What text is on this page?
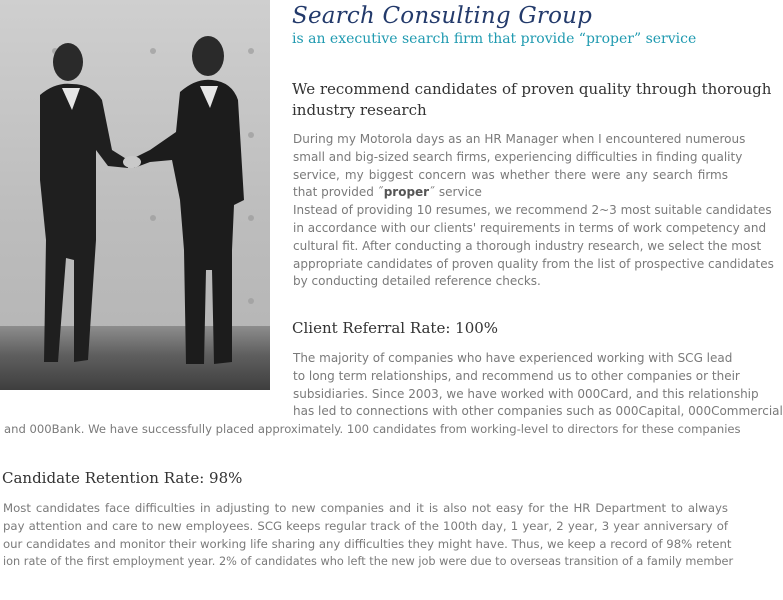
Search Consulting Group
is an executive search firm that provide “proper” service
We recommend candidates of proven quality through thorough
industry research
During my Motorola days as an HR Manager when I encountered numerous
small and big-sized search firms, experiencing difficulties in finding quality
service, my biggest concern was whether there were any search firms
that provided ˝proper˝ service
Instead of providing 10 resumes, we recommend 2~3 most suitable candidates
in accordance with our clients' requirements in terms of work competency and
cultural fit. After conducting a thorough industry research, we select the most
appropriate candidates of proven quality from the list of prospective candidates
by conducting detailed reference checks.
Client Referral Rate: 100%
The majority of companies who have experienced working with SCG lead
to long term relationships, and recommend us to other companies or their
subsidiaries. Since 2003, we have worked with 000Card, and this relationship
has led to connections with other companies such as 000Capital, 000Commercial
and 000Bank. We have successfully placed approximately. 100 candidates from working-level to directors for these companies
Candidate Retention Rate: 98%
Most candidates face difficulties in adjusting to new companies and it is also not easy for the HR Department to always
pay attention and care to new employees. SCG keeps regular track of the 100th day, 1 year, 2 year, 3 year anniversary of
our candidates and monitor their working life sharing any difficulties they might have. Thus, we keep a record of 98% retent
ion rate of the first employment year. 2% of candidates who left the new job were due to overseas transition of a family member
